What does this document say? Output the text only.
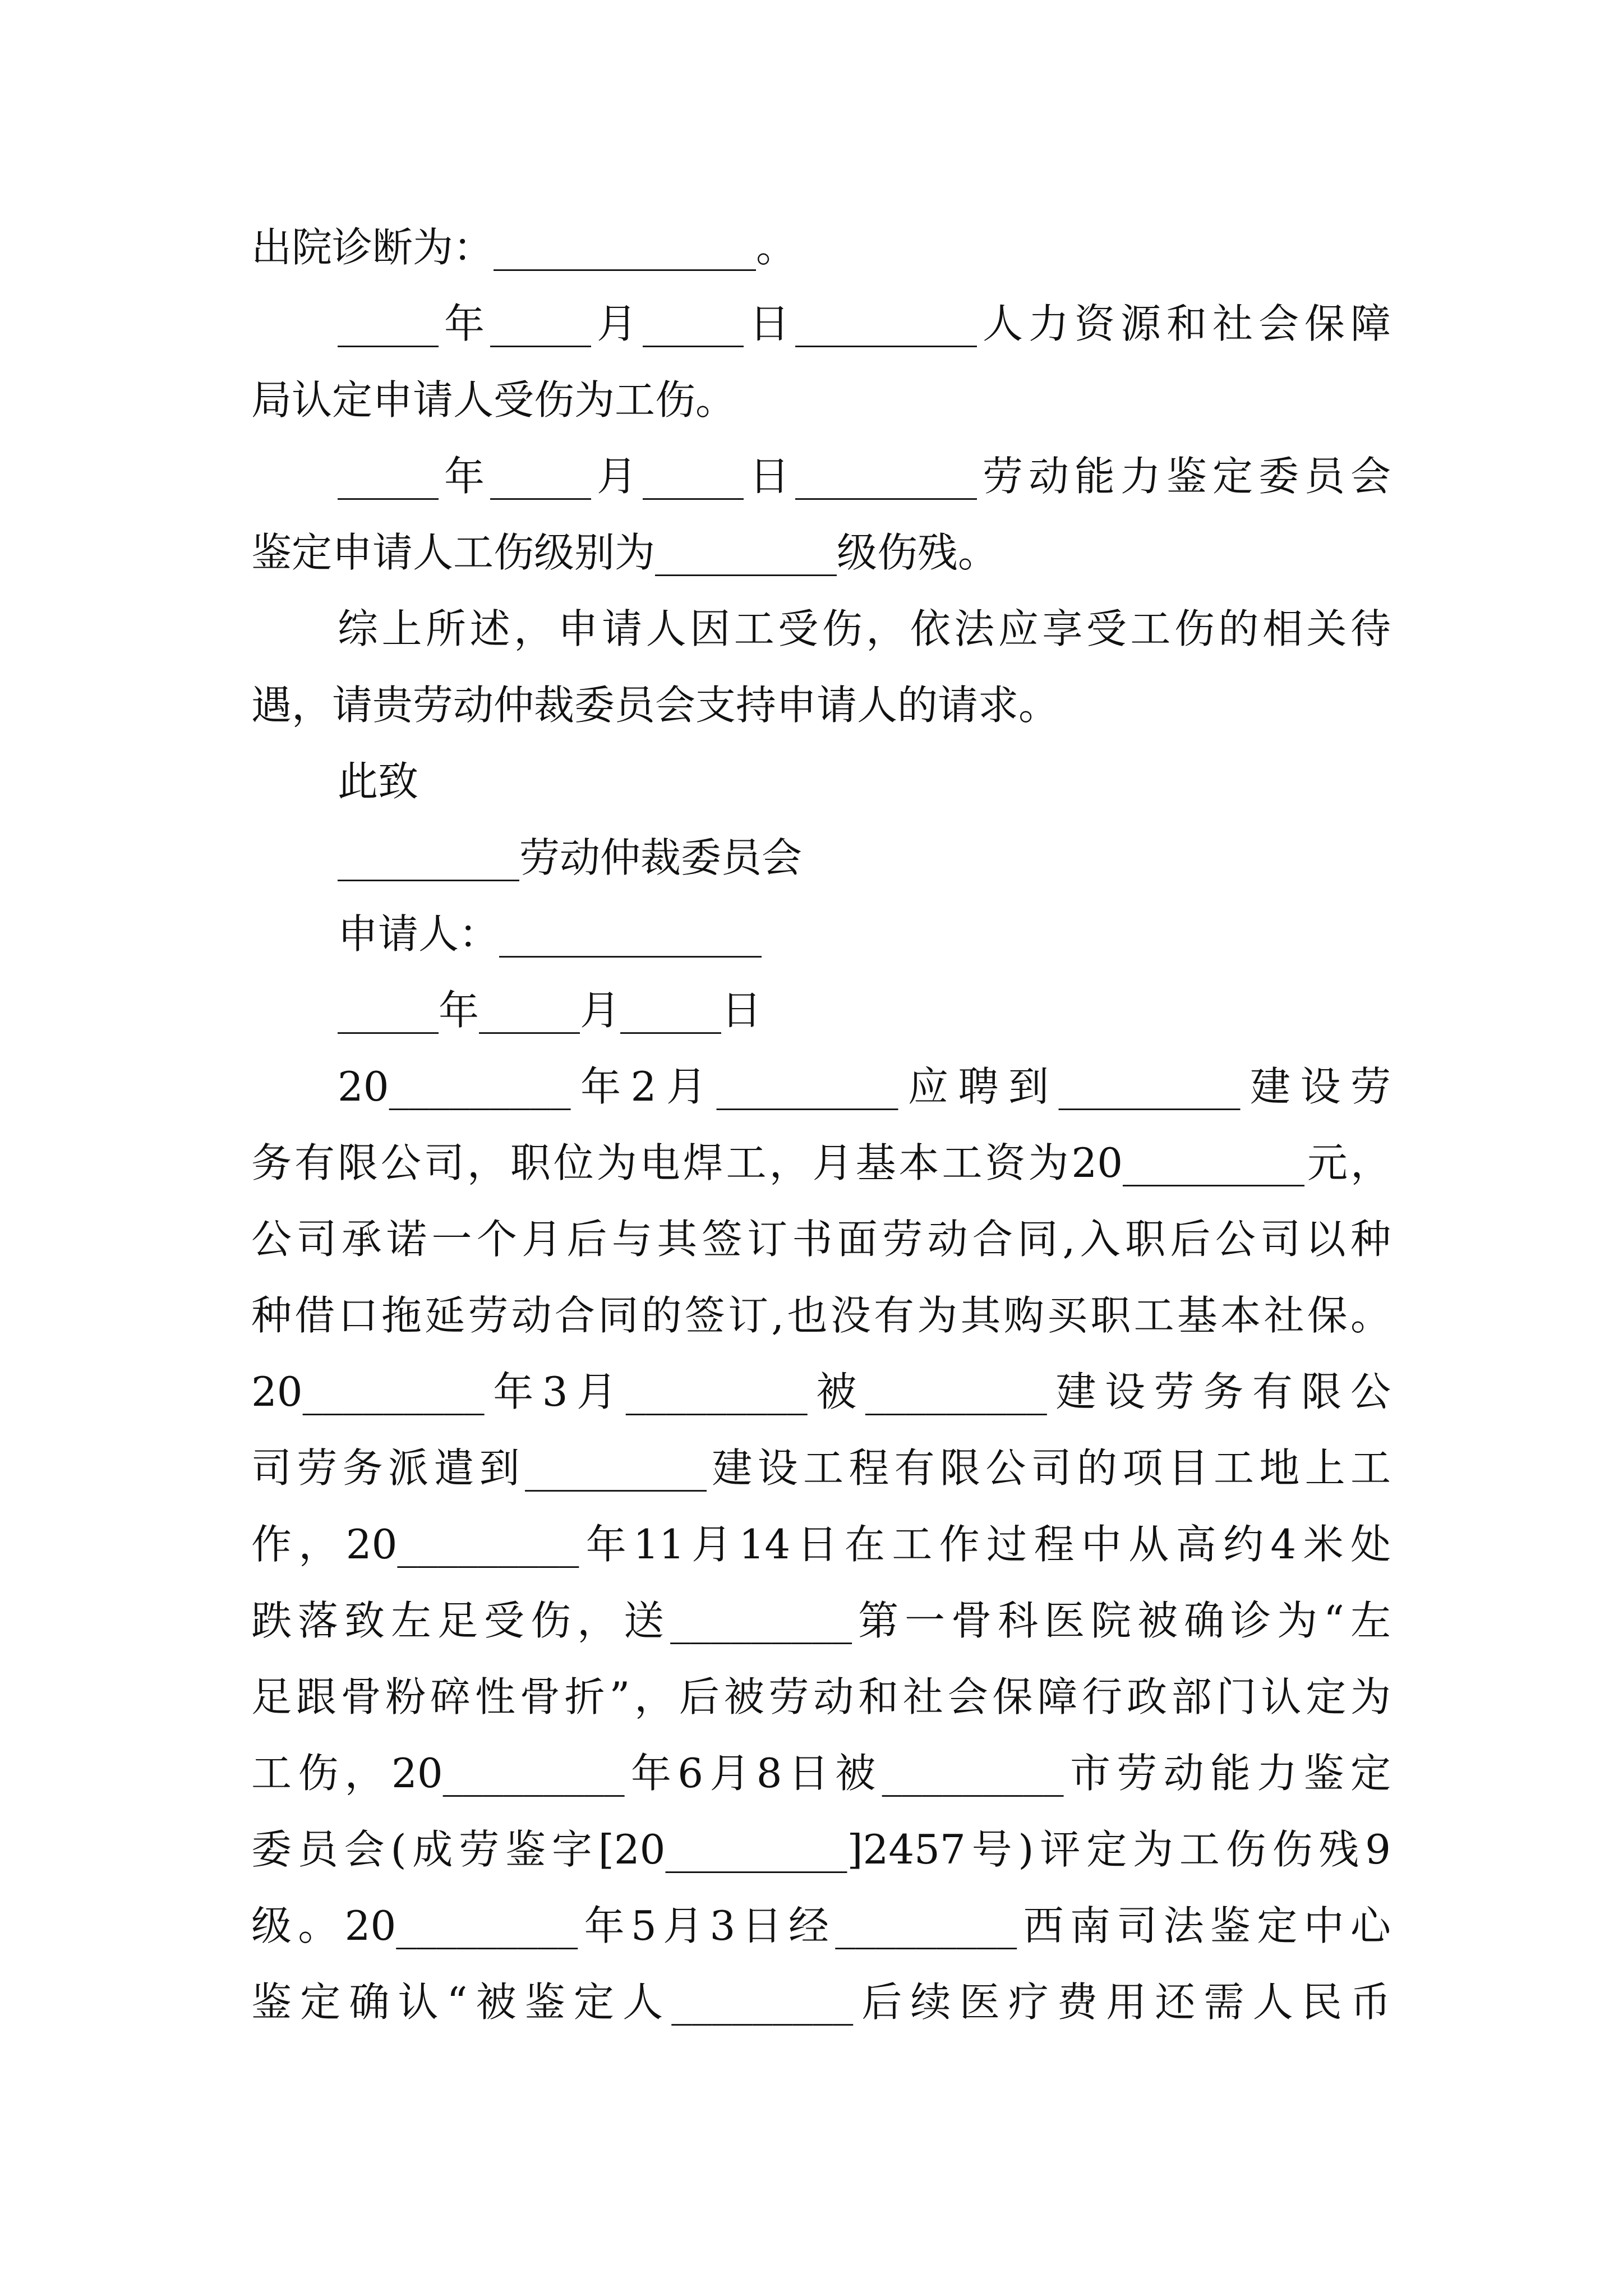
出院诊断为：_____________。
_____年_____月_____日_________人力资源和社会保障
局认定申请人受伤为工伤。
_____年_____月_____日_________劳动能力鉴定委员会
鉴定申请人工伤级别为_________级伤残。
综上所述，申请人因工受伤，依法应享受工伤的相关待
遇，请贵劳动仲裁委员会支持申请人的请求。
此致
_________劳动仲裁委员会
申请人：_____________
_____年_____月_____日
20_________年2月_________应聘到_________建设劳
务有限公司，职位为电焊工，月基本工资为20_________元，
公司承诺一个月后与其签订书面劳动合同,入职后公司以种
种借口拖延劳动合同的签订,也没有为其购买职工基本社保。
20_________年3月_________被_________建设劳务有限公
司劳务派遣到_________建设工程有限公司的项目工地上工
作，20_________年11月14日在工作过程中从高约4米处
跌落致左足受伤，送_________第一骨科医院被确诊为“左
足跟骨粉碎性骨折”，后被劳动和社会保障行政部门认定为
工伤，20_________年6月8日被_________市劳动能力鉴定
委员会(成劳鉴字[20_________]2457号)评定为工伤伤残9
级。20_________年5月3日经_________西南司法鉴定中心
鉴定确认“被鉴定人_________后续医疗费用还需人民币
